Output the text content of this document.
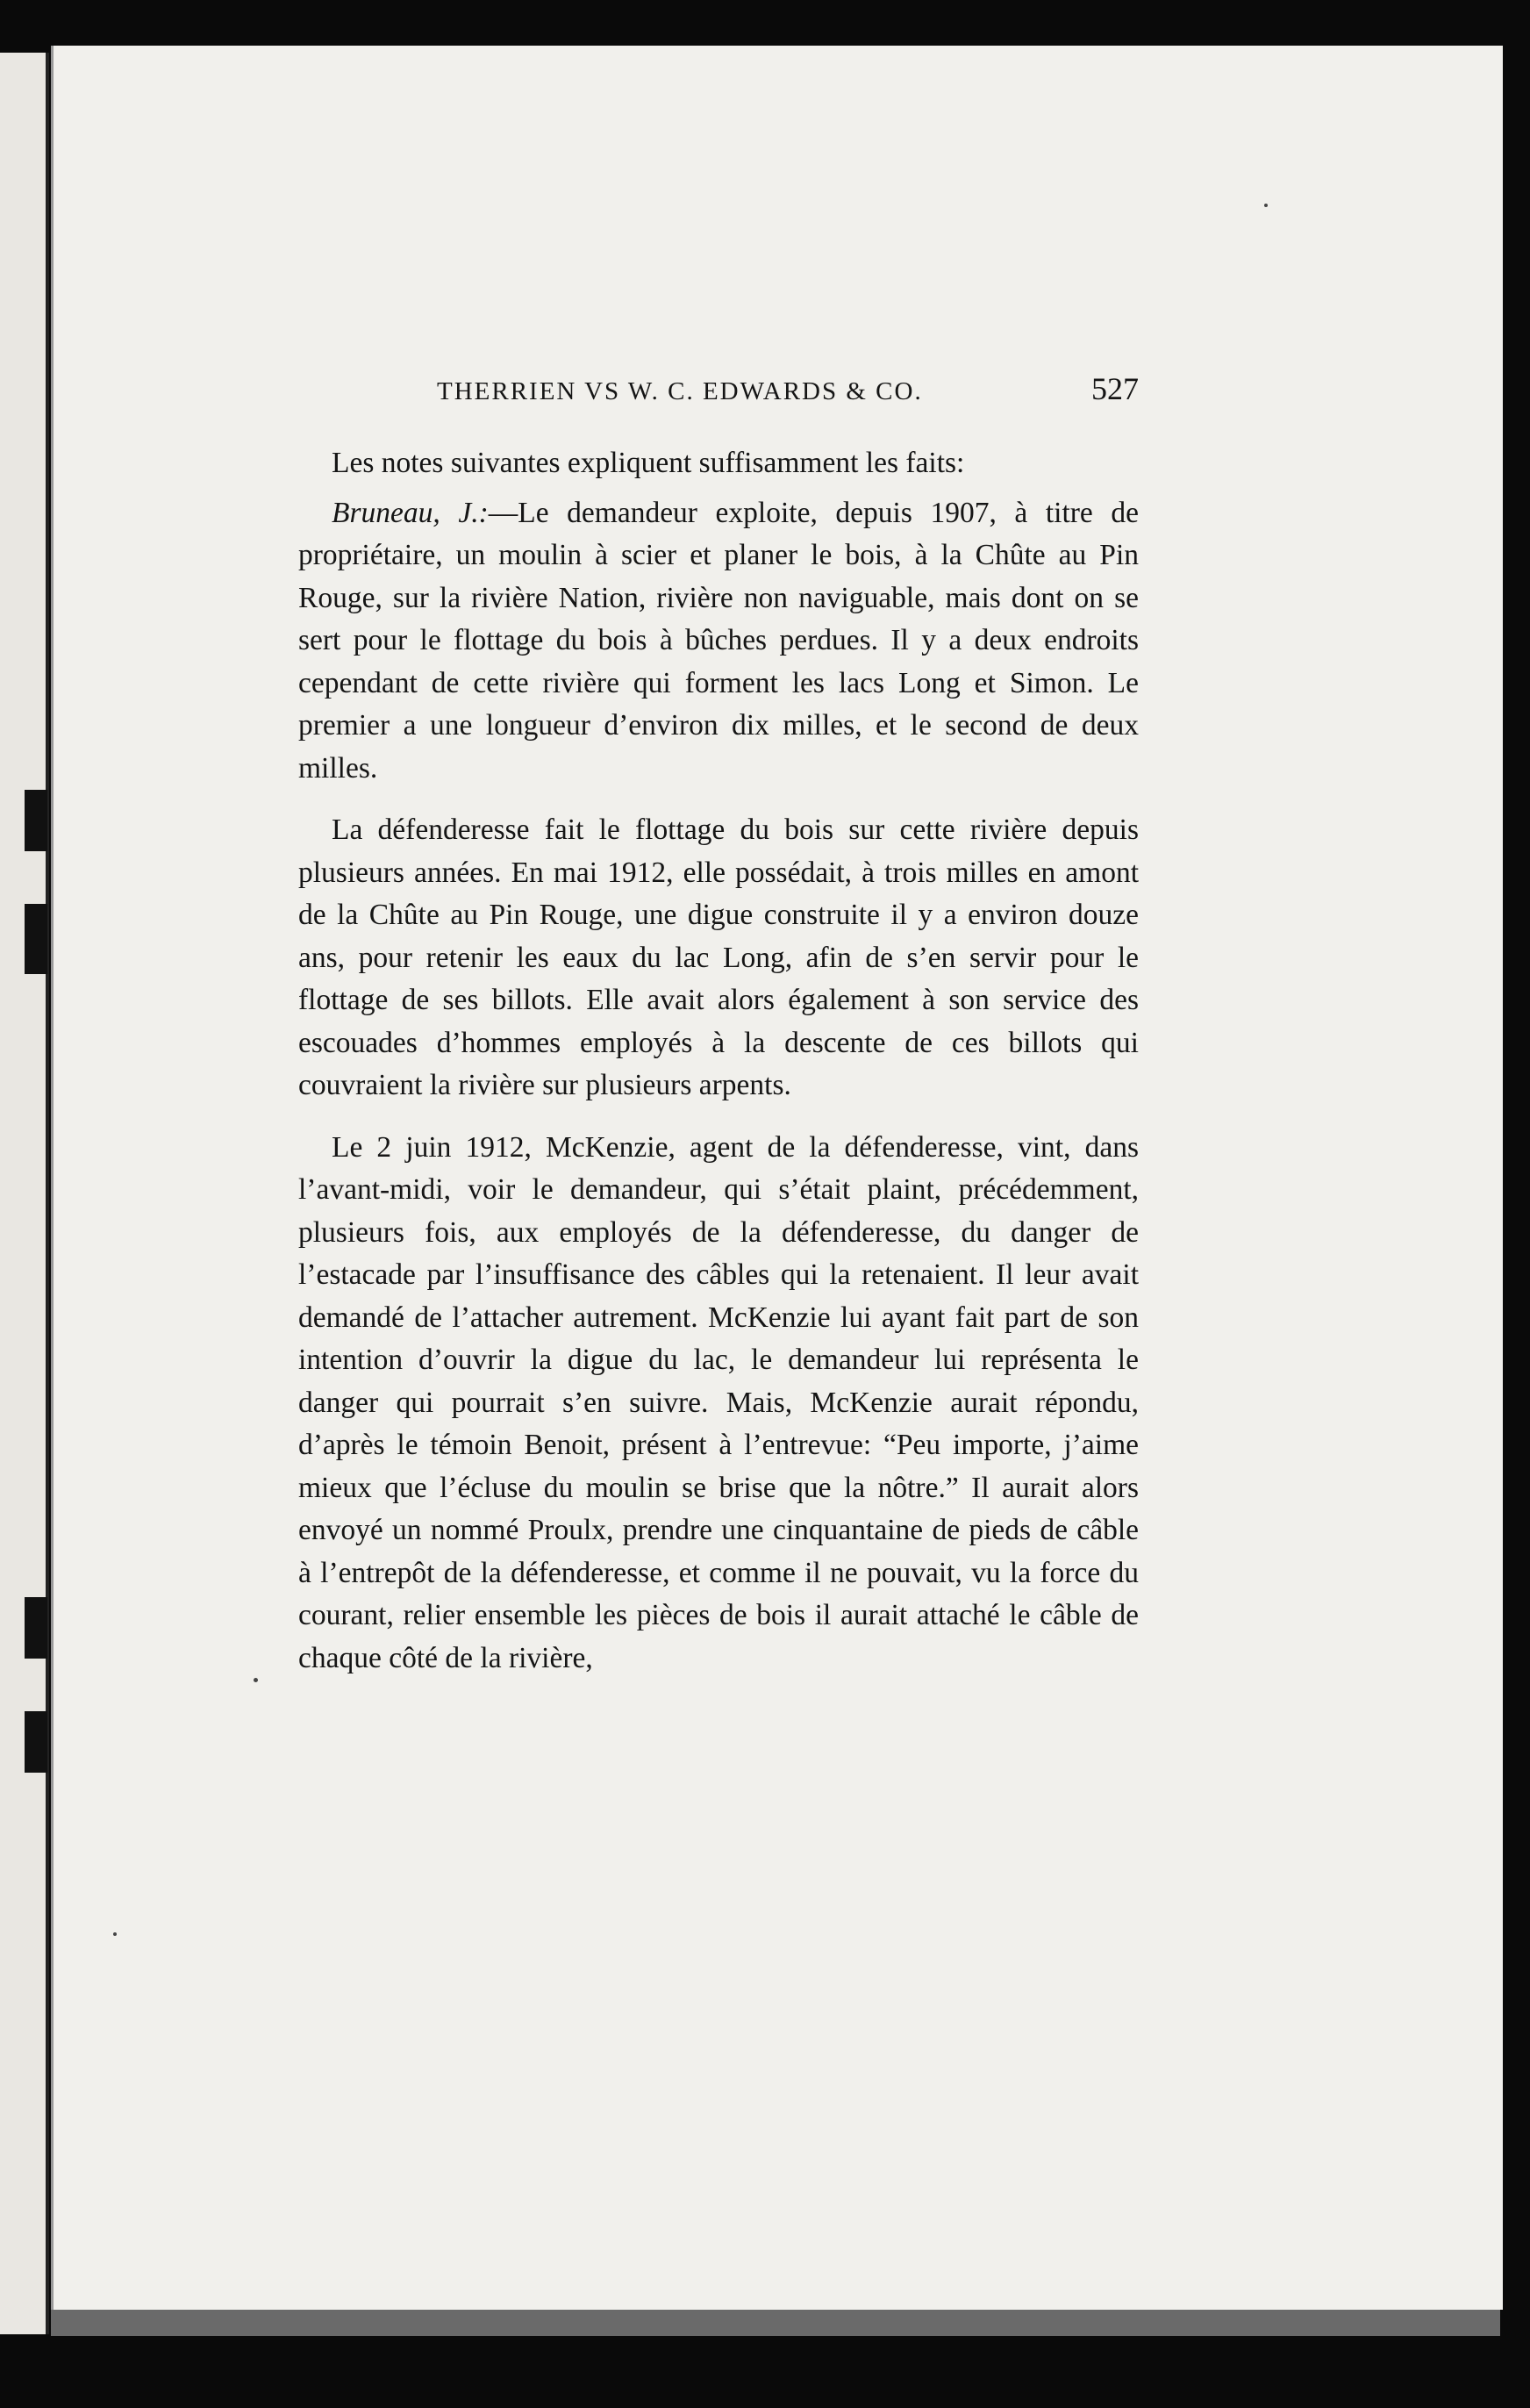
THERRIEN VS W. C. EDWARDS & CO.	527

Les notes suivantes expliquent suffisamment les faits:

Bruneau, J.:—Le demandeur exploite, depuis 1907, à titre de propriétaire, un moulin à scier et planer le bois, à la Chûte au Pin Rouge, sur la rivière Nation, rivière non naviguable, mais dont on se sert pour le flottage du bois à bûches perdues. Il y a deux endroits cependant de cette rivière qui forment les lacs Long et Simon. Le premier a une longueur d’environ dix milles, et le second de deux milles.

La défenderesse fait le flottage du bois sur cette rivière depuis plusieurs années. En mai 1912, elle possédait, à trois milles en amont de la Chûte au Pin Rouge, une digue construite il y a environ douze ans, pour retenir les eaux du lac Long, afin de s’en servir pour le flottage de ses billots. Elle avait alors également à son service des escouades d’hommes employés à la descente de ces billots qui couvraient la rivière sur plusieurs arpents.

Le 2 juin 1912, McKenzie, agent de la défenderesse, vint, dans l’avant-midi, voir le demandeur, qui s’était plaint, précédemment, plusieurs fois, aux employés de la défenderesse, du danger de l’estacade par l’insuffisance des câbles qui la retenaient. Il leur avait demandé de l’attacher autrement. McKenzie lui ayant fait part de son intention d’ouvrir la digue du lac, le demandeur lui représenta le danger qui pourrait s’en suivre. Mais, McKenzie aurait répondu, d’après le témoin Benoit, présent à l’entrevue: “Peu importe, j’aime mieux que l’écluse du moulin se brise que la nôtre.” Il aurait alors envoyé un nommé Proulx, prendre une cinquantaine de pieds de câble à l’entrepôt de la défenderesse, et comme il ne pouvait, vu la force du courant, relier ensemble les pièces de bois il aurait attaché le câble de chaque côté de la rivière,
